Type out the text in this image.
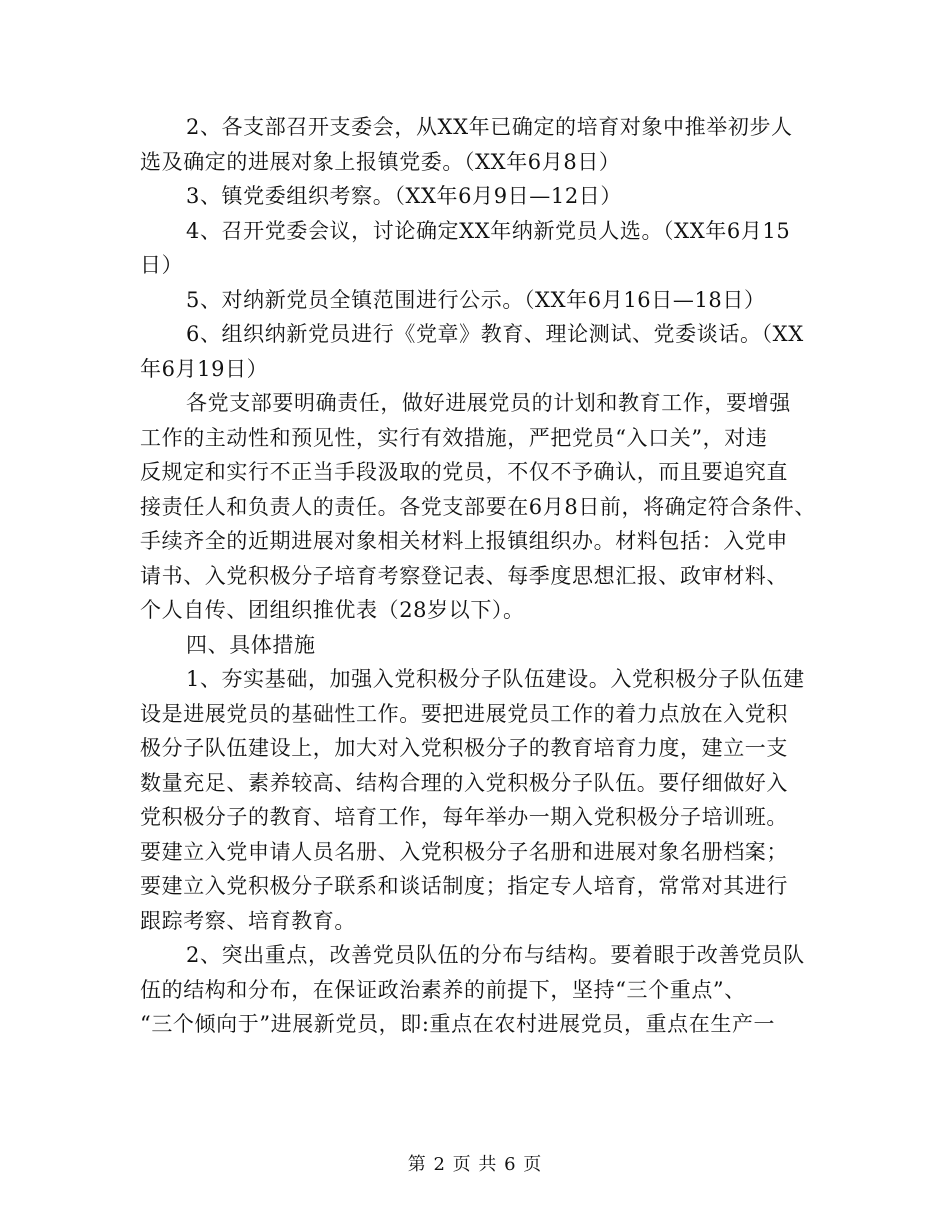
2、各支部召开支委会，从XX年已确定的培育对象中推举初步人
选及确定的进展对象上报镇党委。（XX年6月8日）
3、镇党委组织考察。（XX年6月9日—12日）
4、召开党委会议，讨论确定XX年纳新党员人选。（XX年6月15
日）
5、对纳新党员全镇范围进行公示。（XX年6月16日—18日）
6、组织纳新党员进行《党章》教育、理论测试、党委谈话。（XX
年6月19日）
各党支部要明确责任，做好进展党员的计划和教育工作，要增强
工作的主动性和预见性，实行有效措施，严把党员“入口关”，对违
反规定和实行不正当手段汲取的党员，不仅不予确认，而且要追究直
接责任人和负责人的责任。各党支部要在6月8日前，将确定符合条件、
手续齐全的近期进展对象相关材料上报镇组织办。材料包括：入党申
请书、入党积极分子培育考察登记表、每季度思想汇报、政审材料、
个人自传、团组织推优表（28岁以下）。
四、具体措施
1、夯实基础，加强入党积极分子队伍建设。入党积极分子队伍建
设是进展党员的基础性工作。要把进展党员工作的着力点放在入党积
极分子队伍建设上，加大对入党积极分子的教育培育力度，建立一支
数量充足、素养较高、结构合理的入党积极分子队伍。要仔细做好入
党积极分子的教育、培育工作，每年举办一期入党积极分子培训班。
要建立入党申请人员名册、入党积极分子名册和进展对象名册档案；
要建立入党积极分子联系和谈话制度；指定专人培育，常常对其进行
跟踪考察、培育教育。
2、突出重点，改善党员队伍的分布与结构。要着眼于改善党员队
伍的结构和分布，在保证政治素养的前提下，坚持“三个重点”、
“三个倾向于”进展新党员，即:重点在农村进展党员，重点在生产一
第 2 页 共 6 页
